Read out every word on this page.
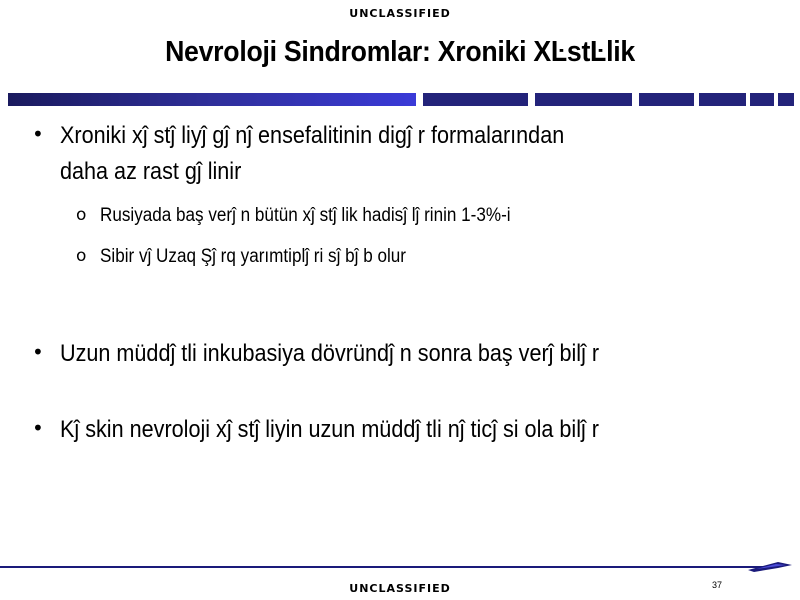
UNCLASSIFIED
Nevroloji Sindromlar: Xroniki XĿstĿlik
• Xroniki xĵ stĵ liyĵ gĵ nĵ ensefalitinin digĵ r formalarından
daha az rast gĵ linir
o Rusiyada baş verĵ n bütün xĵ stĵ lik hadisĵ lĵ rinin 1-3%-i
o Sibir vĵ Uzaq Şĵ rq yarımtiplĵ ri sĵ bĵ b olur
• Uzun müddĵ tli inkubasiya dövründĵ n sonra baş verĵ bilĵ r
• Kĵ skin nevroloji xĵ stĵ liyin uzun müddĵ tli nĵ ticĵ si ola bilĵ r
37
UNCLASSIFIED
